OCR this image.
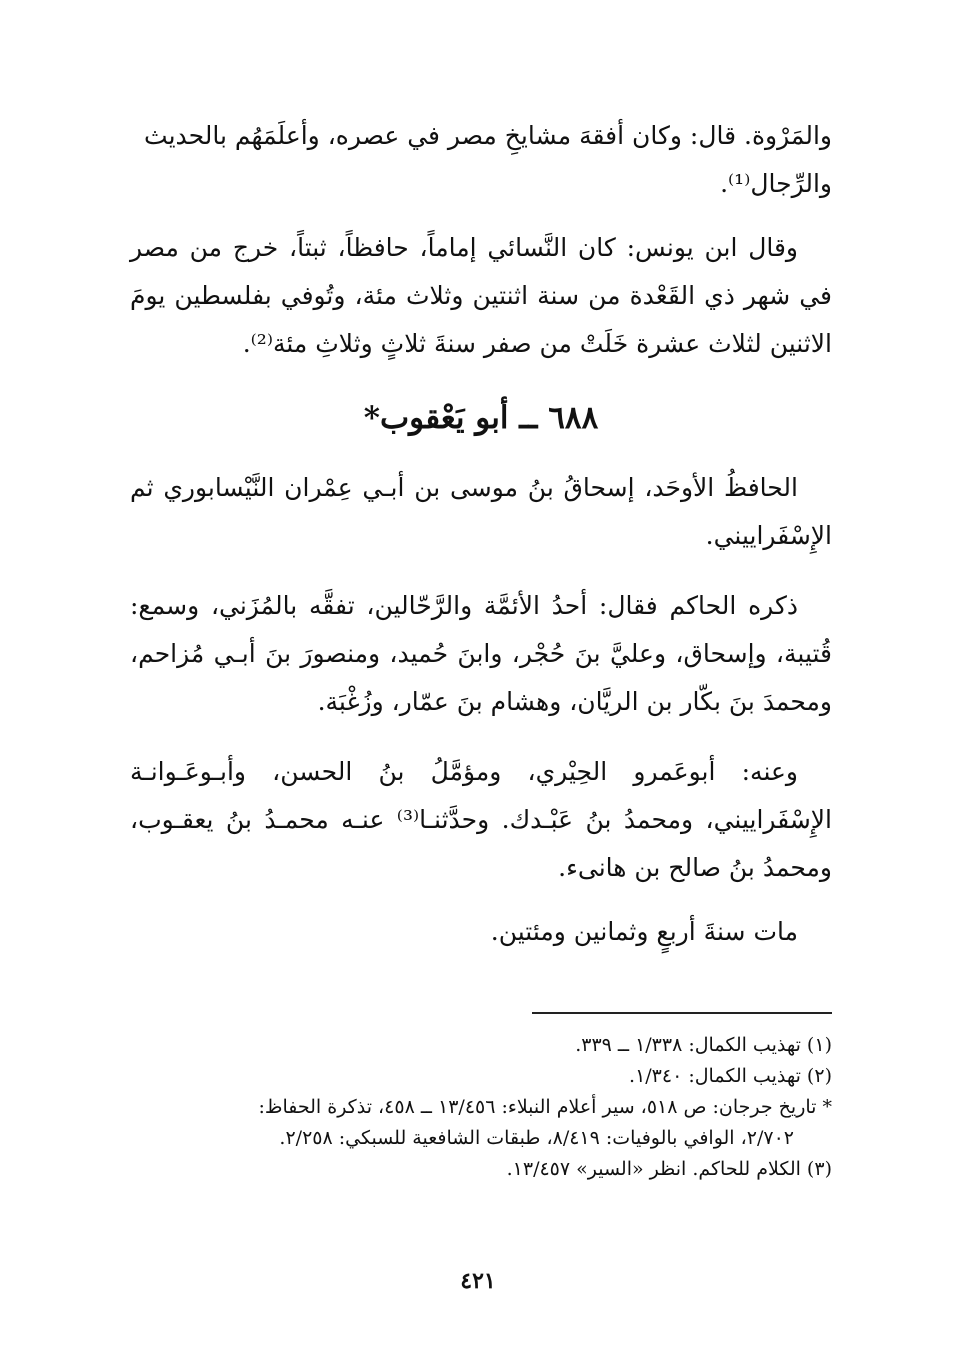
والمَرْوة. قال: وكان أفقهَ مشايخِ مصر في عصره، وأعلَمَهُم بالحديث

والرِّجال⁽¹⁾.

وقال ابن يونس: كان النَّسائي إماماً، حافظاً، ثبتاً، خرج من مصر في شهر ذي القَعْدة من سنة اثنتين وثلاث مئة، وتُوفي بفلسطين يومَ الاثنين لثلاث عشرة خَلَتْ من صفر سنةَ ثلاثٍ وثلاثِ مئة⁽²⁾.

٦٨٨ ــ أبو يَعْقوب*

الحافظُ الأوحَد، إسحاقُ بنُ موسى بن أبـي عِمْران النَّيْسابوري ثم الإِسْفَراييني.

ذكره الحاكم فقال: أحدُ الأئمَّة والرَّحّالين، تفقَّه بالمُزَني، وسمع: قُتيبة، وإسحاق، وعليَّ بنَ حُجْر، وابنَ حُميد، ومنصورَ بنَ أبـي مُزاحم، ومحمدَ بنَ بكّار بن الريَّان، وهشام بنَ عمّار، وزُغْبَة.

وعنه: أبوعَمرو الحِيْري، ومؤمَّلُ بنُ الحسن، وأبـوعَـوانـة الإِسْفَراييني، ومحمدُ بنُ عَبْـدك. وحدَّثنـا⁽³⁾ عنـه محمـدُ بنُ يعقـوب، ومحمدُ بنُ صالح بن هانىء.

مات سنةَ أربعٍ وثمانين ومئتين.

(١) تهذيب الكمال: ١/٣٣٨ ــ ٣٣٩.

(٢) تهذيب الكمال: ١/٣٤٠.

* تاريخ جرجان: ص ٥١٨، سير أعلام النبلاء: ١٣/٤٥٦ ــ ٤٥٨، تذكرة الحفاظ:

٢/٧٠٢، الوافي بالوفيات: ٨/٤١٩، طبقات الشافعية للسبكي: ٢/٢٥٨.

(٣) الكلام للحاكم. انظر «السير» ١٣/٤٥٧.

٤٢١
